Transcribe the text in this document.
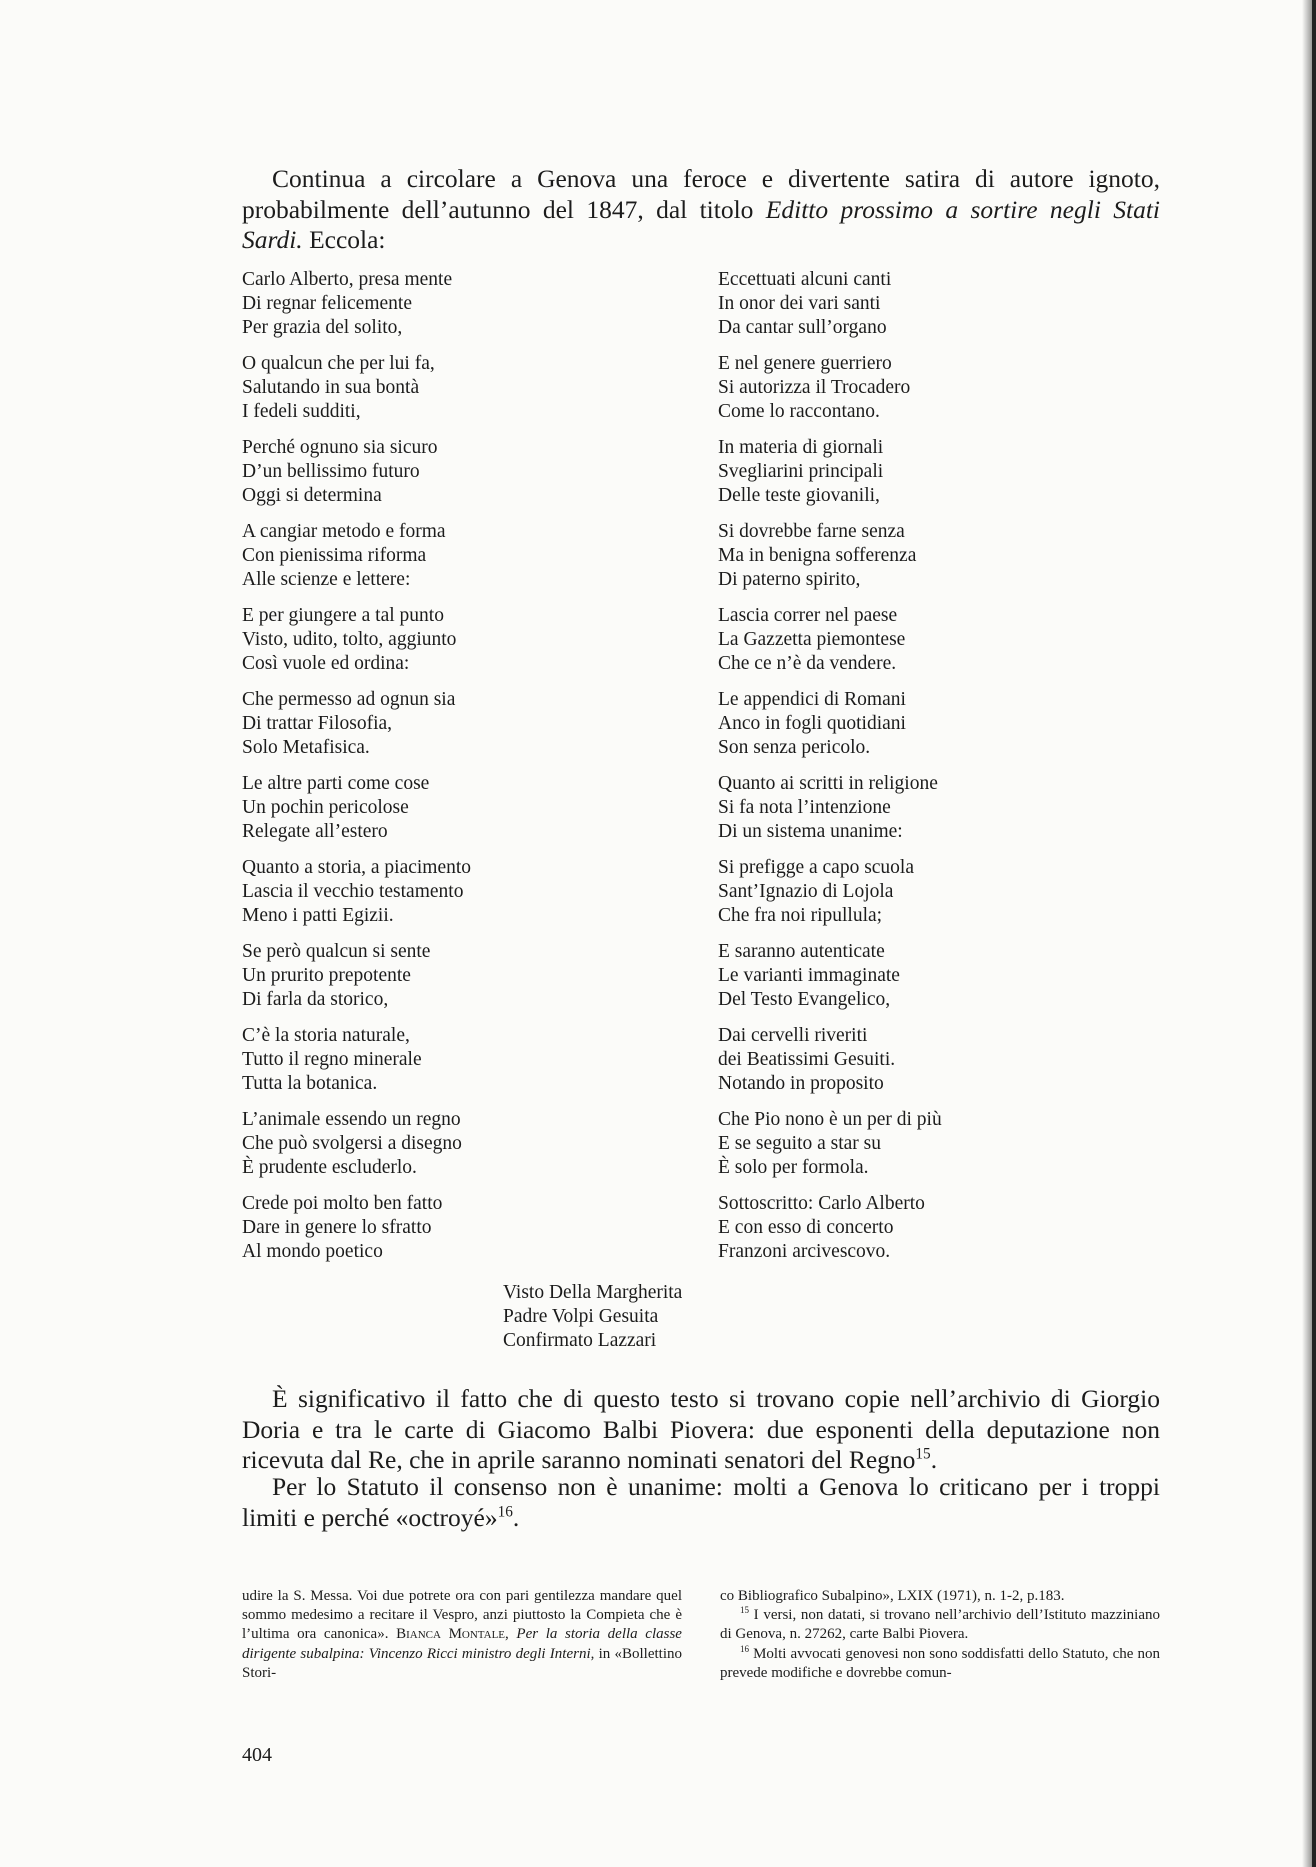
Continua a circolare a Genova una feroce e divertente satira di autore ignoto, probabilmente dell’autunno del 1847, dal titolo Editto prossimo a sortire negli Stati Sardi. Eccola:

Carlo Alberto, presa mente
Di regnar felicemente
Per grazia del solito,
O qualcun che per lui fa,
Salutando in sua bontà
I fedeli sudditi,
Perché ognuno sia sicuro
D’un bellissimo futuro
Oggi si determina
A cangiar metodo e forma
Con pienissima riforma
Alle scienze e lettere:
E per giungere a tal punto
Visto, udito, tolto, aggiunto
Così vuole ed ordina:
Che permesso ad ognun sia
Di trattar Filosofia,
Solo Metafisica.
Le altre parti come cose
Un pochin pericolose
Relegate all’estero
Quanto a storia, a piacimento
Lascia il vecchio testamento
Meno i patti Egizii.
Se però qualcun si sente
Un prurito prepotente
Di farla da storico,
C’è la storia naturale,
Tutto il regno minerale
Tutta la botanica.
L’animale essendo un regno
Che può svolgersi a disegno
È prudente escluderlo.
Crede poi molto ben fatto
Dare in genere lo sfratto
Al mondo poetico
Eccettuati alcuni canti
In onor dei vari santi
Da cantar sull’organo
E nel genere guerriero
Si autorizza il Trocadero
Come lo raccontano.
In materia di giornali
Svegliarini principali
Delle teste giovanili,
Si dovrebbe farne senza
Ma in benigna sofferenza
Di paterno spirito,
Lascia correr nel paese
La Gazzetta piemontese
Che ce n’è da vendere.
Le appendici di Romani
Anco in fogli quotidiani
Son senza pericolo.
Quanto ai scritti in religione
Si fa nota l’intenzione
Di un sistema unanime:
Si prefigge a capo scuola
Sant’Ignazio di Lojola
Che fra noi ripullula;
E saranno autenticate
Le varianti immaginate
Del Testo Evangelico,
Dai cervelli riveriti
dei Beatissimi Gesuiti.
Notando in proposito
Che Pio nono è un per di più
E se seguito a star su
È solo per formola.
Sottoscritto: Carlo Alberto
E con esso di concerto
Franzoni arcivescovo.
Visto Della Margherita
Padre Volpi Gesuita
Confirmato Lazzari

È significativo il fatto che di questo testo si trovano copie nell’archivio di Giorgio Doria e tra le carte di Giacomo Balbi Piovera: due esponenti della deputazione non ricevuta dal Re, che in aprile saranno nominati senatori del Regno$^{15}$.

Per lo Statuto il consenso non è unanime: molti a Genova lo criticano per i troppi limiti e perché «octroyé»$^{16}$.

udire la S. Messa. Voi due potrete ora con pari gentilezza mandare quel sommo medesimo a recitare il Vespro, anzi piuttosto la Compieta che è l’ultima ora canonica». Bianca Montale, Per la storia della classe dirigente subalpina: Vincenzo Ricci ministro degli Interni, in «Bollettino Stori-
co Bibliografico Subalpino», LXIX (1971), n. 1-2, p.183.
$^{15}$ I versi, non datati, si trovano nell’archivio dell’Istituto mazziniano di Genova, n. 27262, carte Balbi Piovera.
$^{16}$ Molti avvocati genovesi non sono soddisfatti dello Statuto, che non prevede modifiche e dovrebbe comun-
404
